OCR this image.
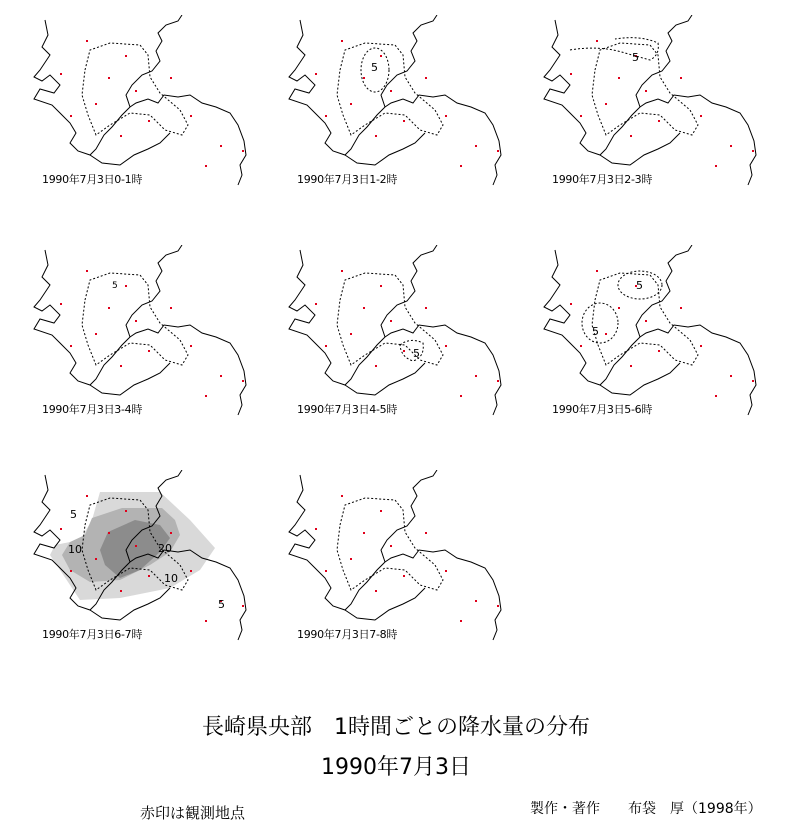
1990年7月3日0-1時
5
1990年7月3日1-2時
5
1990年7月3日2-3時
5
1990年7月3日3-4時
5
1990年7月3日4-5時
5
5
1990年7月3日5-6時
5
10	20
10
5
1990年7月3日6-7時	1990年7月3日7-8時
長崎県央部　1時間ごとの降水量の分布
1990年7月3日
赤印は観測地点	製作・著作　　布袋　厚（1998年）
